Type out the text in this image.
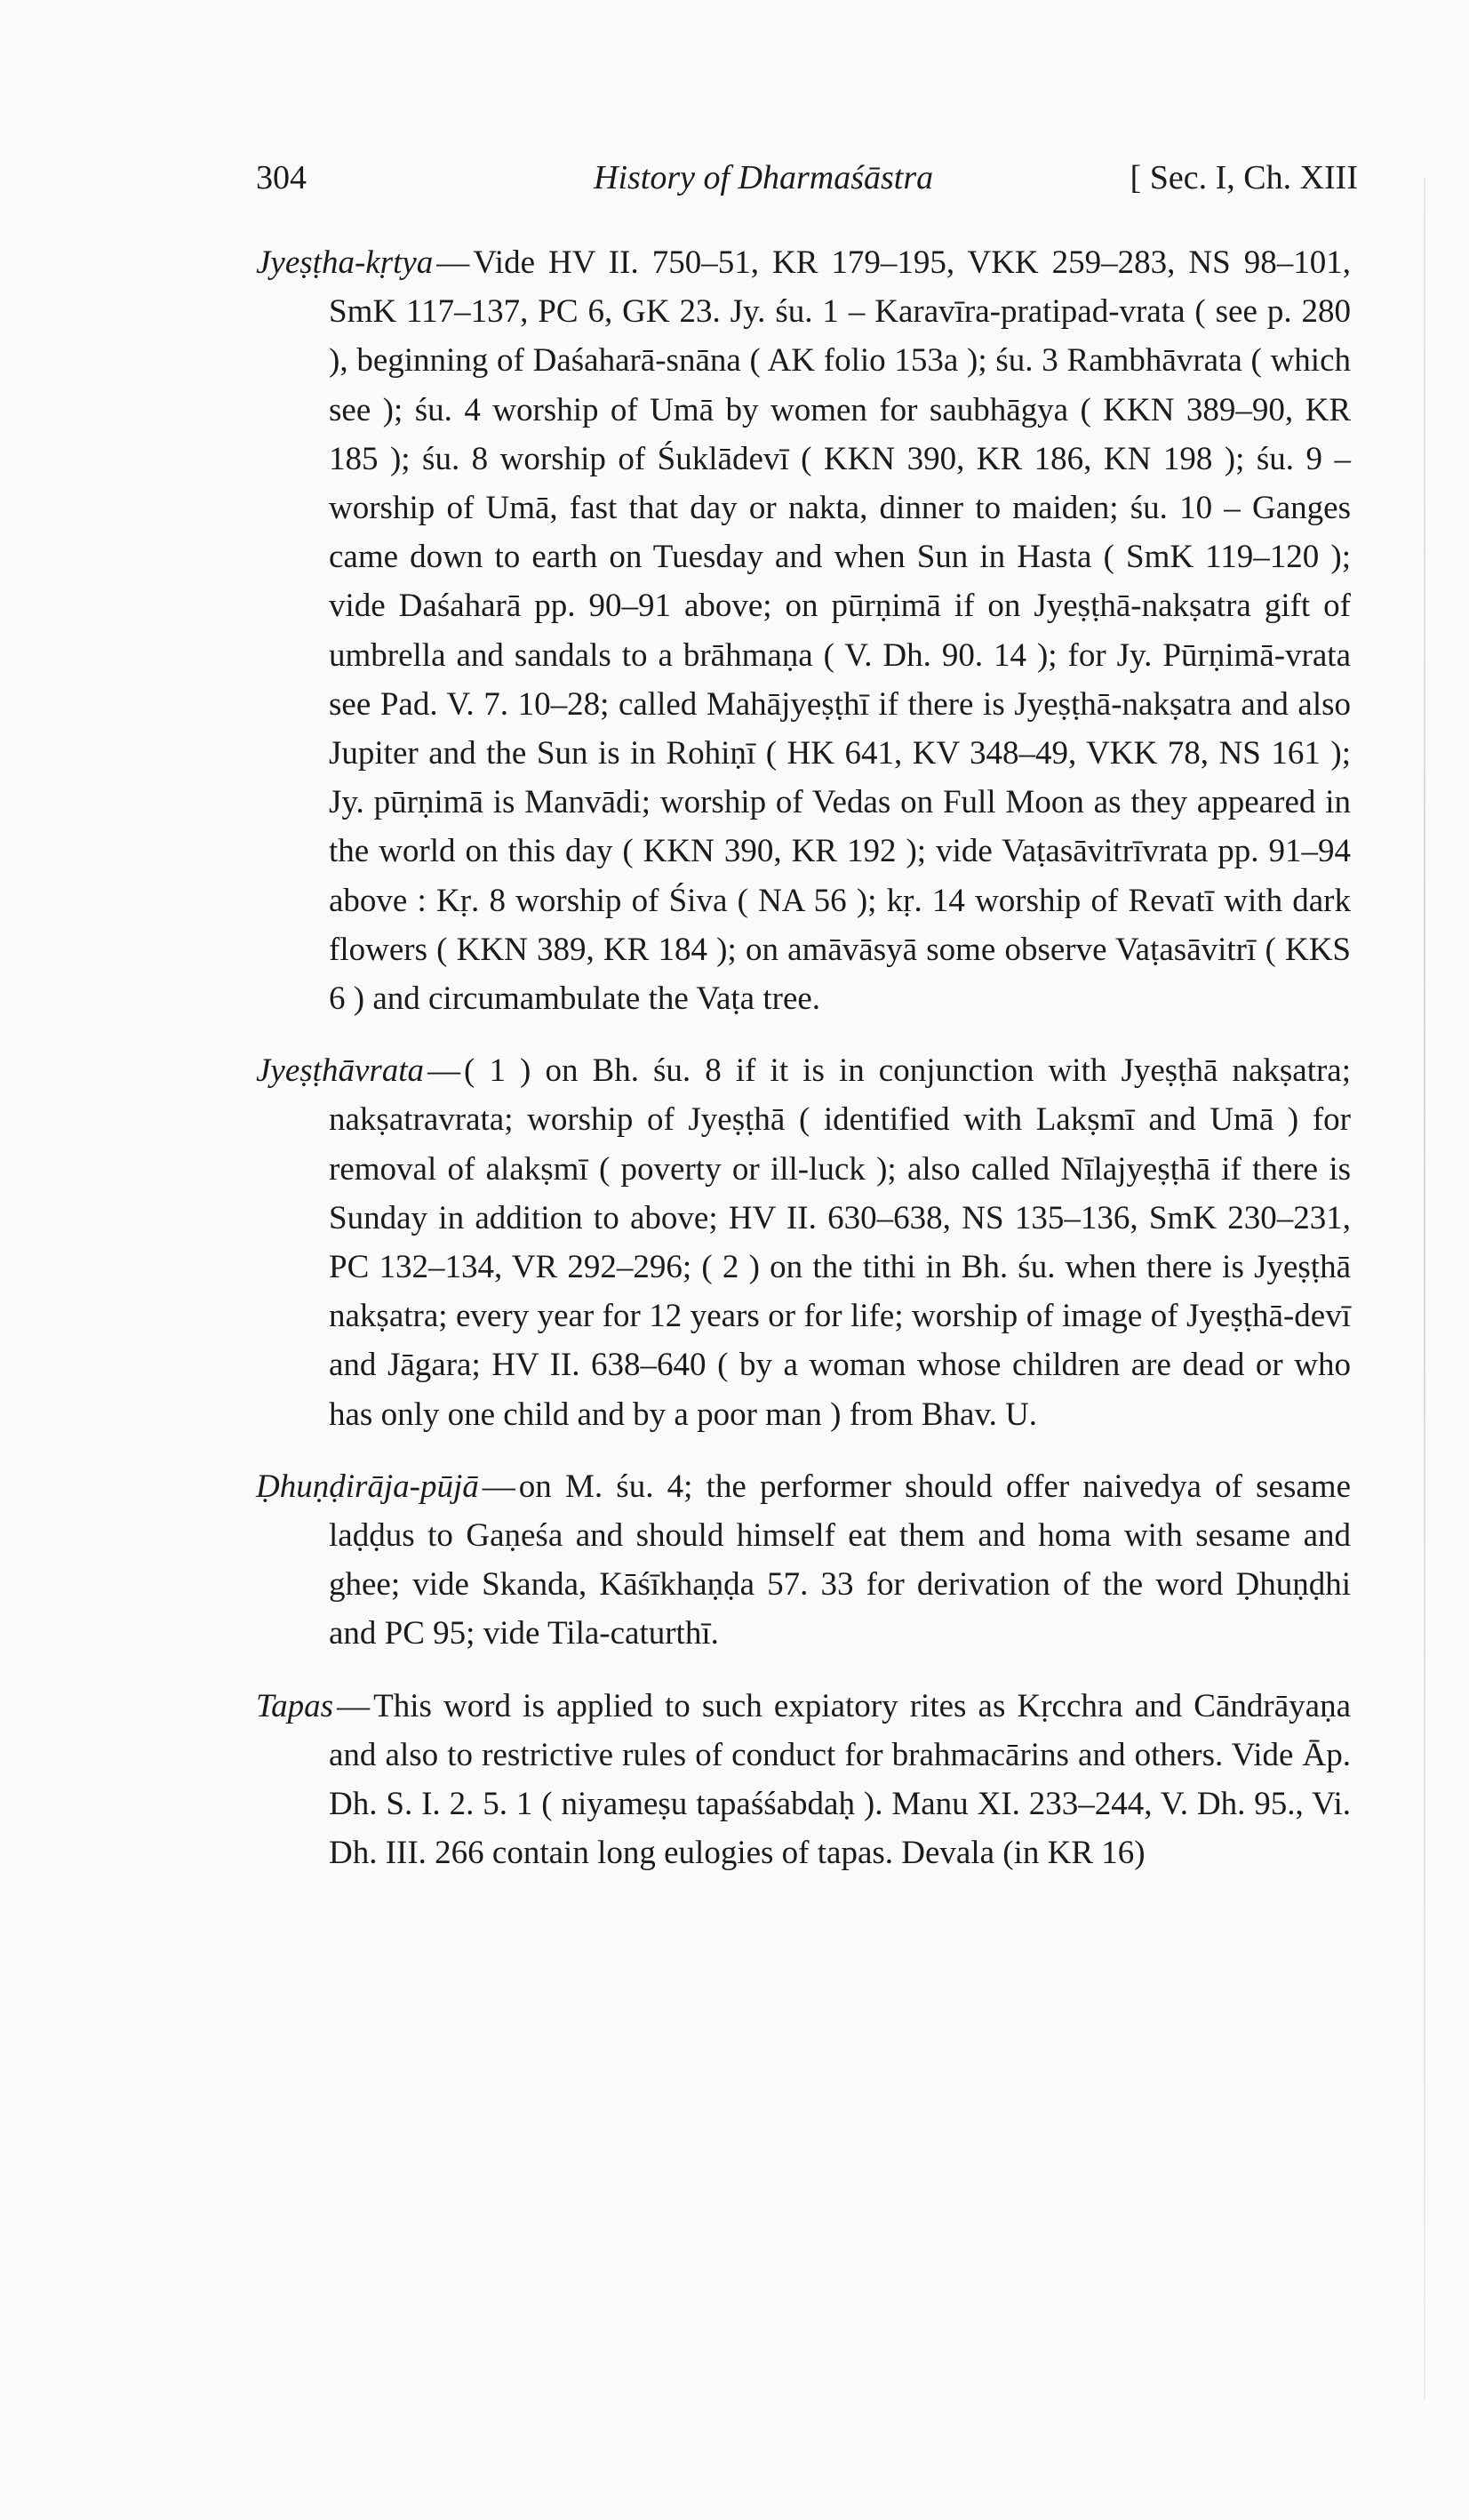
304	History of Dharmaśāstra	[ Sec. I, Ch. XIII

Jyeṣṭha-kṛtya — Vide HV II. 750–51, KR 179–195, VKK 259–283, NS 98–101, SmK 117–137, PC 6, GK 23. Jy. śu. 1 – Karavīra-pratipad-vrata ( see p. 280 ), beginning of Daśaharā-snāna ( AK folio 153a ); śu. 3 Rambhāvrata ( which see ); śu. 4 worship of Umā by women for saubhāgya ( KKN 389–90, KR 185 ); śu. 8 worship of Śuklādevī ( KKN 390, KR 186, KN 198 ); śu. 9 – worship of Umā, fast that day or nakta, dinner to maiden; śu. 10 – Ganges came down to earth on Tuesday and when Sun in Hasta ( SmK 119–120 ); vide Daśaharā pp. 90–91 above; on pūrṇimā if on Jyeṣṭhā-nakṣatra gift of umbrella and sandals to a brāhmaṇa ( V. Dh. 90. 14 ); for Jy. Pūrṇimā-vrata see Pad. V. 7. 10–28; called Mahājyeṣṭhī if there is Jyeṣṭhā-nakṣatra and also Jupiter and the Sun is in Rohiṇī ( HK 641, KV 348–49, VKK 78, NS 161 ); Jy. pūrṇimā is Manvādi; worship of Vedas on Full Moon as they appeared in the world on this day ( KKN 390, KR 192 ); vide Vaṭasāvitrīvrata pp. 91–94 above : Kṛ. 8 worship of Śiva ( NA 56 ); kṛ. 14 worship of Revatī with dark flowers ( KKN 389, KR 184 ); on amāvāsyā some observe Vaṭasāvitrī ( KKS 6 ) and circumambulate the Vaṭa tree.

Jyeṣṭhāvrata — ( 1 ) on Bh. śu. 8 if it is in conjunction with Jyeṣṭhā nakṣatra; nakṣatravrata; worship of Jyeṣṭhā ( identified with Lakṣmī and Umā ) for removal of alakṣmī ( poverty or ill-luck ); also called Nīlajyeṣṭhā if there is Sunday in addition to above; HV II. 630–638, NS 135–136, SmK 230–231, PC 132–134, VR 292–296; ( 2 ) on the tithi in Bh. śu. when there is Jyeṣṭhā nakṣatra; every year for 12 years or for life; worship of image of Jyeṣṭhā-devī and Jāgara; HV II. 638–640 ( by a woman whose children are dead or who has only one child and by a poor man ) from Bhav. U.

Ḍhuṇḍirāja-pūjā — on M. śu. 4; the performer should offer naivedya of sesame laḍḍus to Gaṇeśa and should himself eat them and homa with sesame and ghee; vide Skanda, Kāśīkhaṇḍa 57. 33 for derivation of the word Ḍhuṇḍhi and PC 95; vide Tila-caturthī.

Tapas — This word is applied to such expiatory rites as Kṛcchra and Cāndrāyaṇa and also to restrictive rules of conduct for brahmacārins and others. Vide Āp. Dh. S. I. 2. 5. 1 ( niyameṣu tapaśśabdaḥ ). Manu XI. 233–244, V. Dh. 95., Vi. Dh. III. 266 contain long eulogies of tapas. Devala (in KR 16)
